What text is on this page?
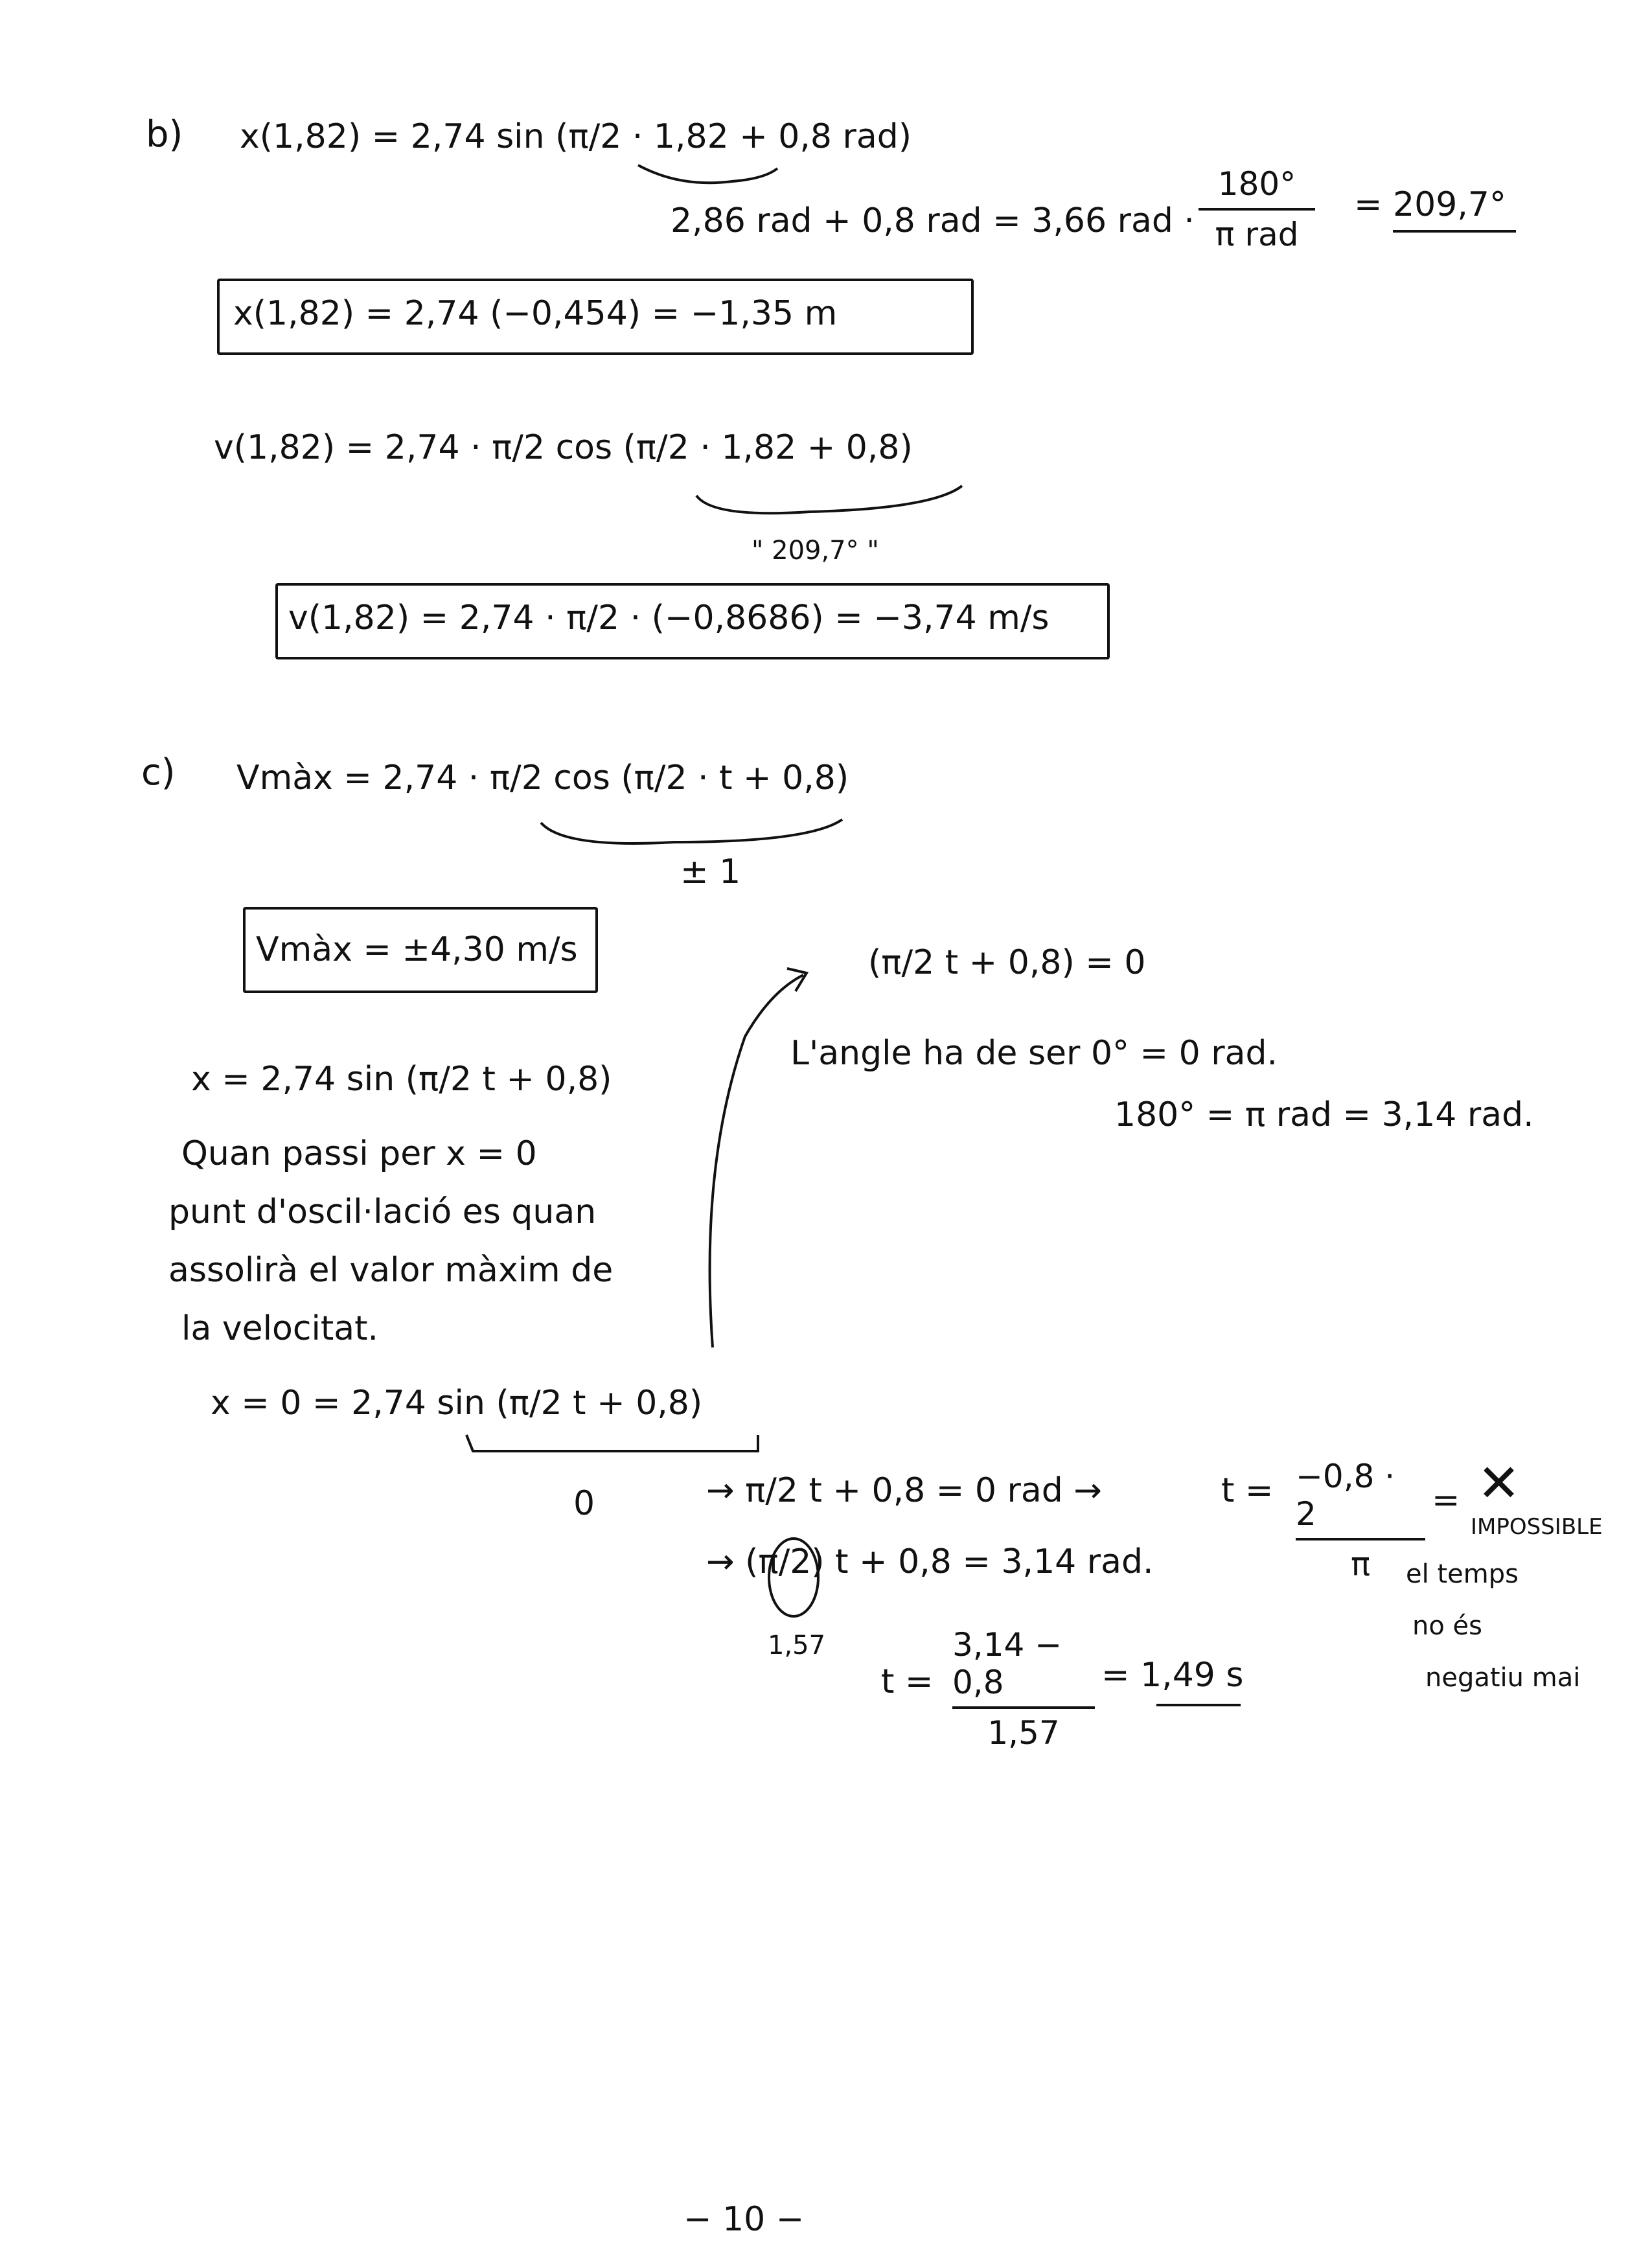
b) x(1,82) = 2,74 sin (π/2 · 1,82 + 0,8 rad)
2,86 rad + 0,8 rad = 3,66 rad ·
180°
π rad
= 209,7°
x(1,82) = 2,74 (−0,454) = −1,35 m
v(1,82) = 2,74 · π/2 cos (π/2 · 1,82 + 0,8)
" 209,7° "
v(1,82) = 2,74 · π/2 · (−0,8686) = −3,74 m/s
c) Vmàx = 2,74 · π/2 cos (π/2 · t + 0,8)
± 1
Vmàx = ±4,30 m/s	(π/2 t + 0,8) = 0
L'angle ha de ser 0° = 0 rad.
180° = π rad = 3,14 rad.
x = 2,74 sin (π/2 t + 0,8)
Quan passi per x = 0
punt d'oscil·lació es quan
assolirà el valor màxim de
la velocitat.
x = 0 = 2,74 sin (π/2 t + 0,8)
0	→ π/2 t + 0,8 = 0 rad →	t = −0,8 · 2
π
= ✕
IMPOSSIBLE
→ (π/2) t + 0,8 = 3,14 rad.
1,57
t =
3,14 − 0,8
1,57
= 1,49 s
el temps
no és
negatiu mai
− 10 −
